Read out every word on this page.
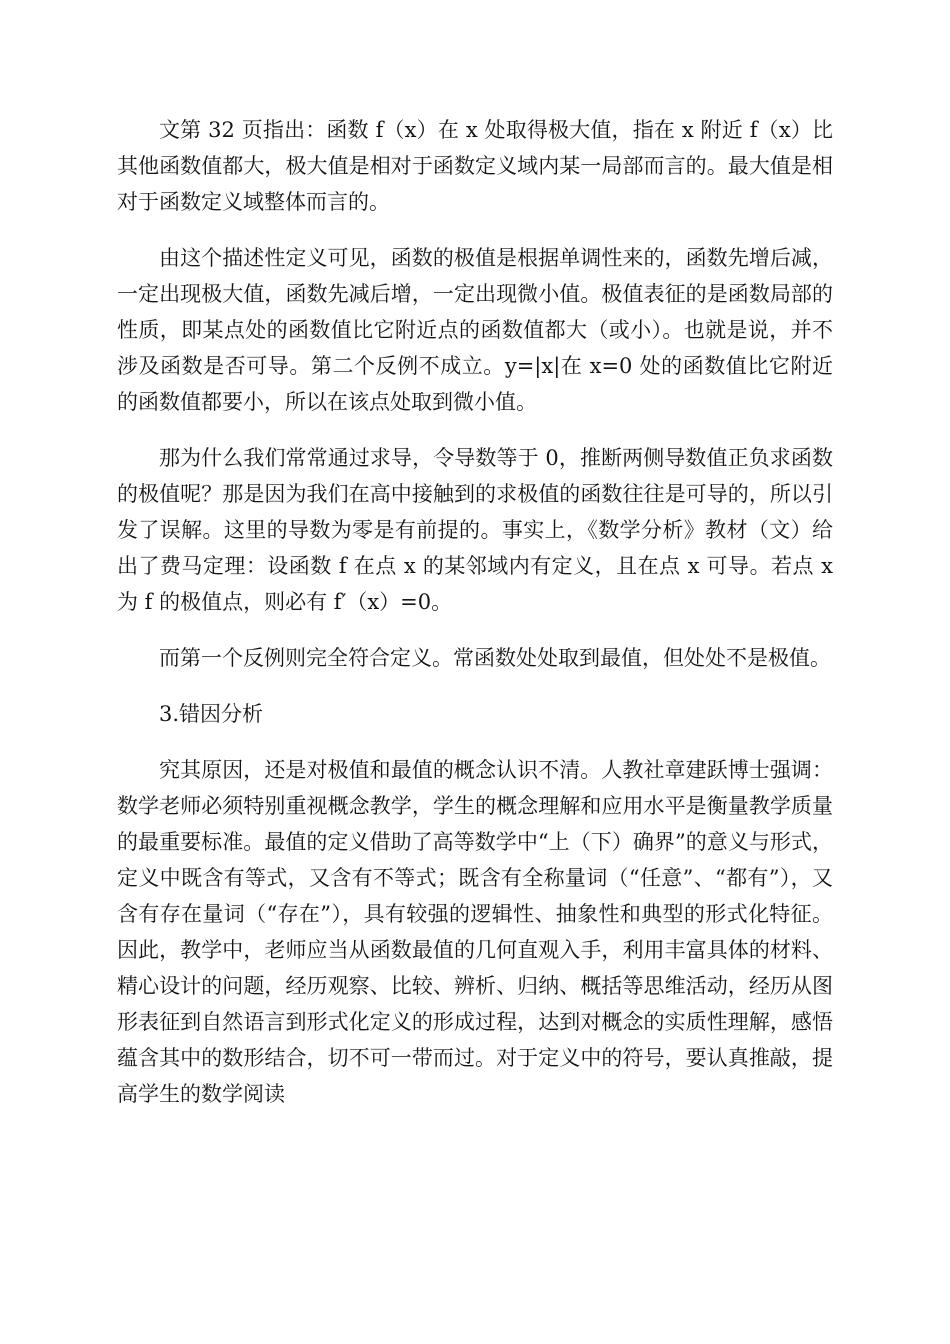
文第 32 页指出：函数 f（x）在 x 处取得极大值，指在 x 附近 f（x）比其他函数值都大，极大值是相对于函数定义域内某一局部而言的。最大值是相对于函数定义域整体而言的。

由这个描述性定义可见，函数的极值是根据单调性来的，函数先增后减，一定出现极大值，函数先减后增，一定出现微小值。极值表征的是函数局部的性质，即某点处的函数值比它附近点的函数值都大（或小）。也就是说，并不涉及函数是否可导。第二个反例不成立。y=|x|在 x=0 处的函数值比它附近的函数值都要小，所以在该点处取到微小值。

那为什么我们常常通过求导，令导数等于 0，推断两侧导数值正负求函数的极值呢？那是因为我们在高中接触到的求极值的函数往往是可导的，所以引发了误解。这里的导数为零是有前提的。事实上，《数学分析》教材（文）给出了费马定理：设函数 f 在点 x 的某邻域内有定义，且在点 x 可导。若点 x 为 f 的极值点，则必有 f′（x）=0。

而第一个反例则完全符合定义。常函数处处取到最值，但处处不是极值。

3.错因分析

究其原因，还是对极值和最值的概念认识不清。人教社章建跃博士强调：数学老师必须特别重视概念教学，学生的概念理解和应用水平是衡量教学质量的最重要标准。最值的定义借助了高等数学中“上（下）确界”的意义与形式，定义中既含有等式，又含有不等式；既含有全称量词（“任意”、“都有”），又含有存在量词（“存在”），具有较强的逻辑性、抽象性和典型的形式化特征。因此，教学中，老师应当从函数最值的几何直观入手，利用丰富具体的材料、精心设计的问题，经历观察、比较、辨析、归纳、概括等思维活动，经历从图形表征到自然语言到形式化定义的形成过程，达到对概念的实质性理解，感悟蕴含其中的数形结合，切不可一带而过。对于定义中的符号，要认真推敲，提高学生的数学阅读
